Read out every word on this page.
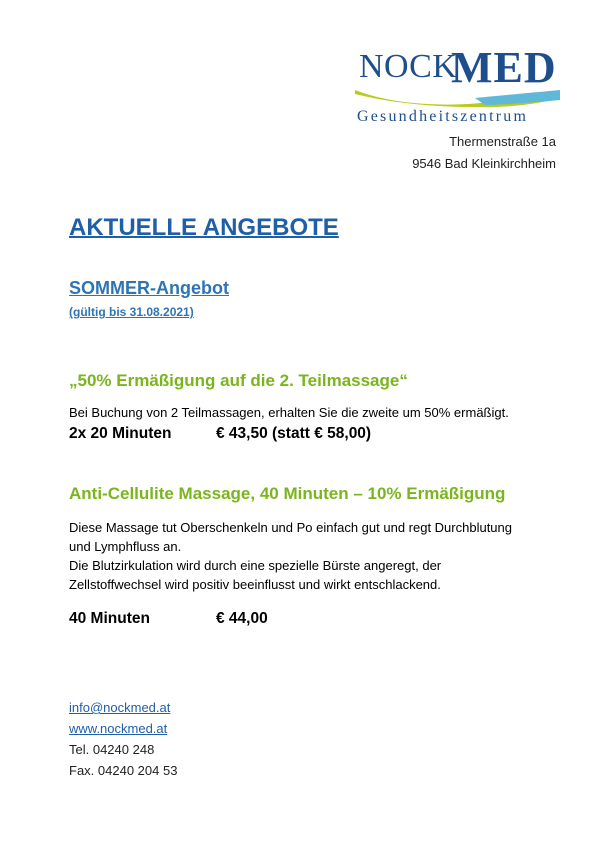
NOCK
MED
Gesundheitszentrum
Thermenstraße 1a
9546 Bad Kleinkirchheim
AKTUELLE ANGEBOTE
SOMMER-Angebot
(gültig bis 31.08.2021)
„50% Ermäßigung auf die 2. Teilmassage“
Bei Buchung von 2 Teilmassagen, erhalten Sie die zweite um 50% ermäßigt.
2x 20 Minuten	€ 43,50 (statt € 58,00)
Anti-Cellulite Massage, 40 Minuten – 10% Ermäßigung
Diese Massage tut Oberschenkeln und Po einfach gut und regt Durchblutung
und Lymphfluss an.
Die Blutzirkulation wird durch eine spezielle Bürste angeregt, der
Zellstoffwechsel wird positiv beeinflusst und wirkt entschlackend.
40 Minuten	€ 44,00
info@nockmed.at
www.nockmed.at
Tel. 04240 248
Fax. 04240 204 53
